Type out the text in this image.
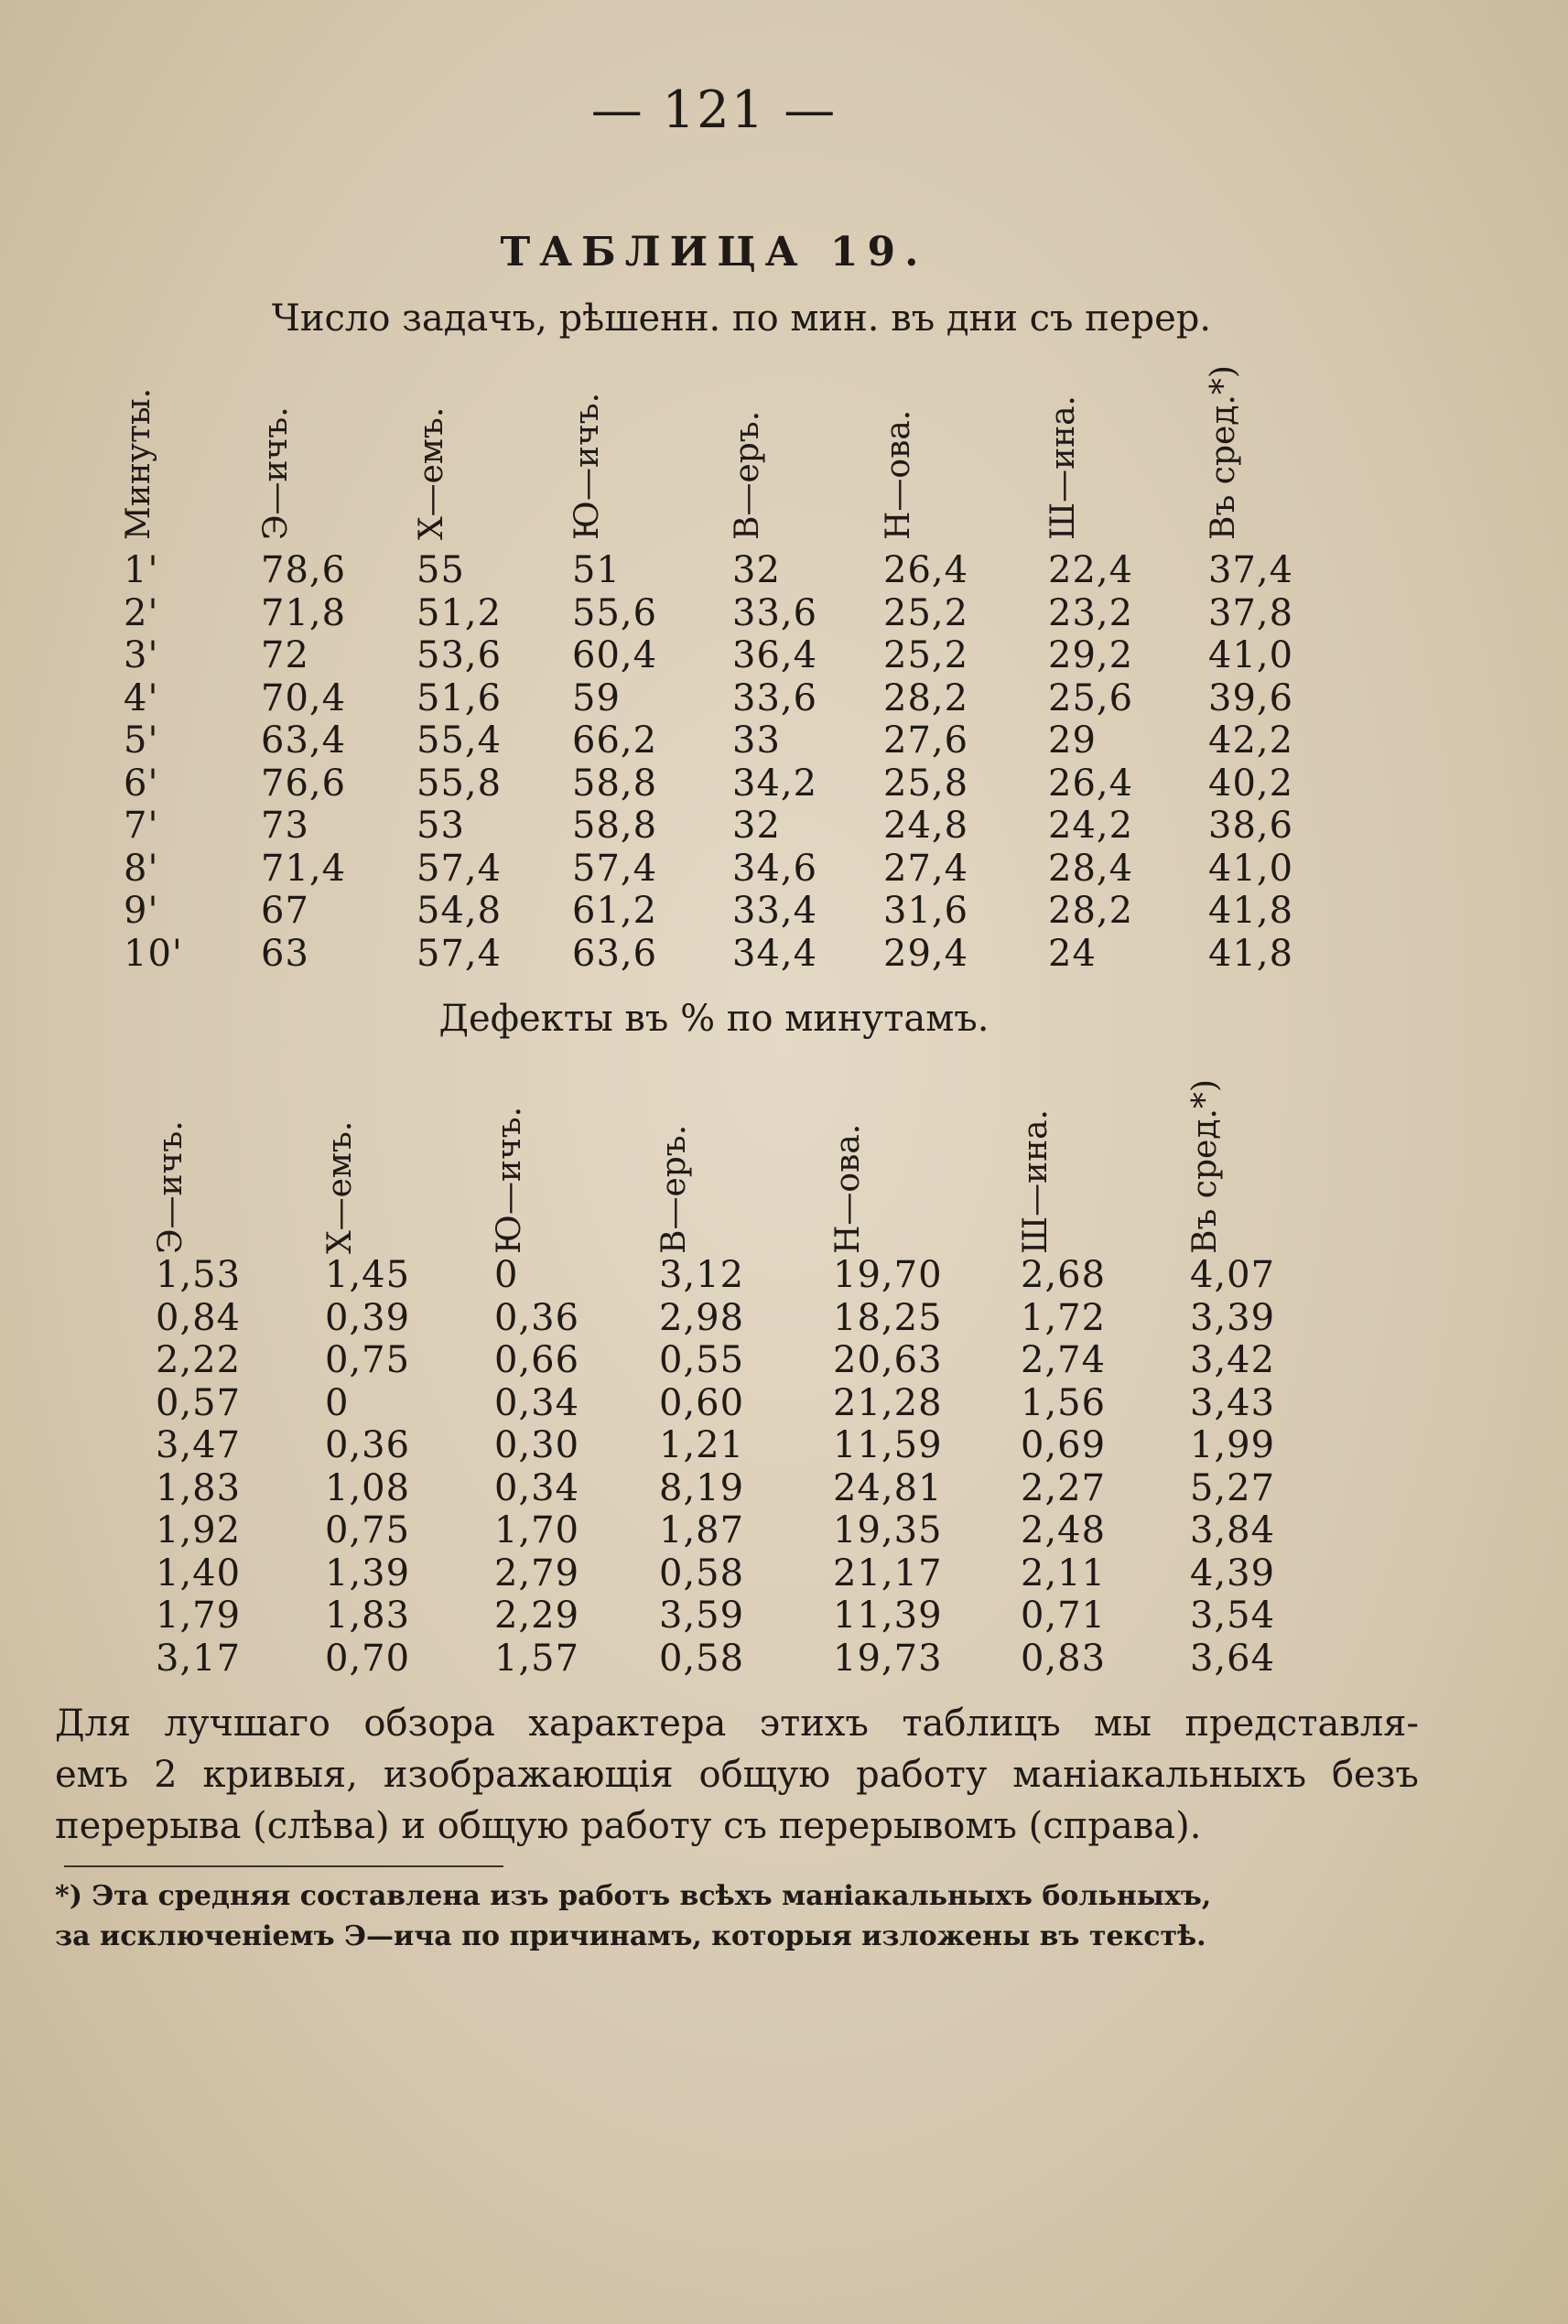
— 121 —
ТАБЛИЦА 19.
Число задачъ, рѣшенн. по мин. въ дни съ перер.
Минуты.	Э—ичъ.	Х—емъ.	Ю—ичъ.	В—еръ.	Н—ова.	Ш—ина.	Въ сред.*)
1'	78,6 55	51	32	26,4 22,4 37,4
2'	71,8 51,2 55,6 33,6 25,2 23,2 37,8
3'	72	53,6 60,4 36,4 25,2 29,2 41,0
4'	70,4 51,6 59	33,6 28,2 25,6 39,6
5'	63,4 55,4 66,2 33	27,6 29	42,2
6'	76,6 55,8 58,8 34,2 25,8 26,4 40,2
7'	73	53	58,8 32	24,8 24,2 38,6
8'	71,4 57,4 57,4 34,6 27,4 28,4 41,0
9'	67	54,8 61,2 33,4 31,6 28,2 41,8
10' 63	57,4 63,6 34,4 29,4 24	41,8
Дефекты въ % по минутамъ.
Э—ичъ.	Х—емъ.	Ю—ичъ.	В—еръ.	Н—ова.	Ш—ина.	Въ сред.*)
1,53 1,45 0	3,12 19,70 2,68 4,07
0,84 0,39 0,36 2,98 18,25 1,72 3,39
2,22 0,75 0,66 0,55 20,63 2,74 3,42
0,57 0	0,34 0,60 21,28 1,56 3,43
3,47 0,36 0,30 1,21 11,59 0,69 1,99
1,83 1,08 0,34 8,19 24,81 2,27 5,27
1,92 0,75 1,70 1,87 19,35 2,48 3,84
1,40 1,39 2,79 0,58 21,17 2,11 4,39
1,79 1,83 2,29 3,59 11,39 0,71 3,54
3,17 0,70 1,57 0,58 19,73 0,83 3,64

Для лучшаго обзора характера этихъ таблицъ мы представля-

емъ 2 кривыя, изображающія общую работу маніакальныхъ безъ

перерыва (слѣва) и общую работу съ перерывомъ (справа).

*) Эта средняя составлена изъ работъ всѣхъ маніакальныхъ больныхъ,

за исключеніемъ Э—ича по причинамъ, которыя изложены въ текстѣ.
